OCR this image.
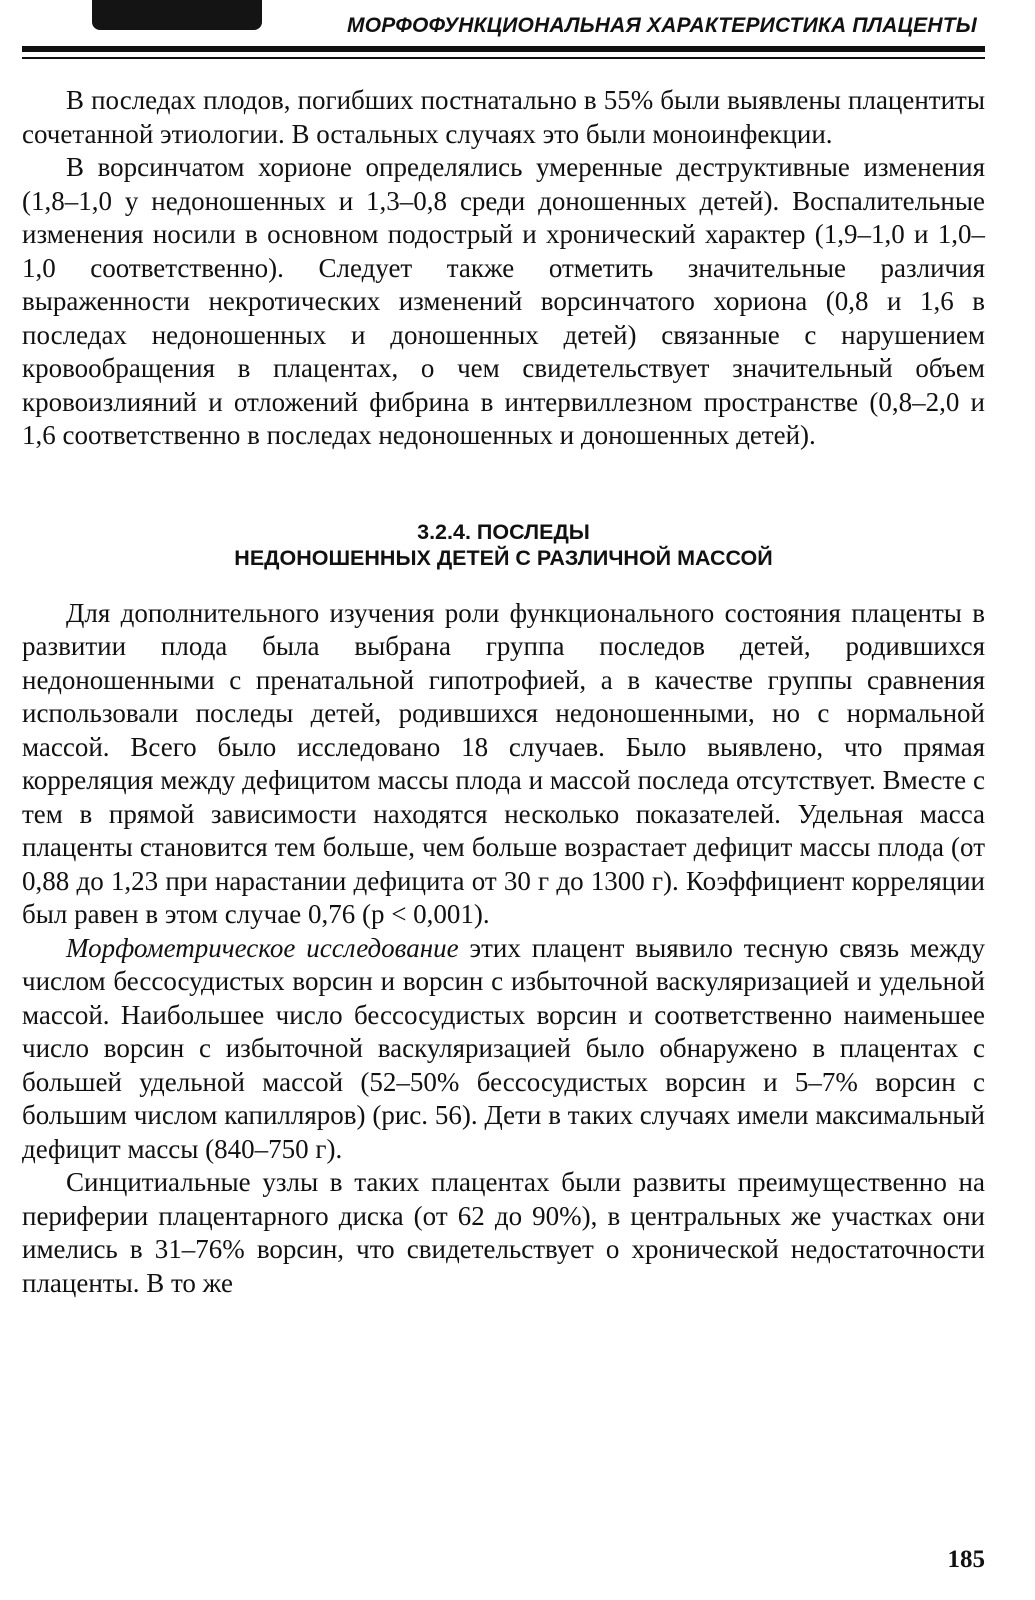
МОРФОФУНКЦИОНАЛЬНАЯ ХАРАКТЕРИСТИКА ПЛАЦЕНТЫ

В последах плодов, погибших постнатально в 55% были выявлены плацентиты сочетанной этиологии. В остальных случаях это были моноинфекции.

В ворсинчатом хорионе определялись умеренные деструктивные изменения (1,8–1,0 у недоношенных и 1,3–0,8 среди доношенных детей). Воспалительные изменения носили в основном подострый и хронический характер (1,9–1,0 и 1,0–1,0 соответственно). Следует также отметить значительные различия выраженности некротических изменений ворсинчатого хориона (0,8 и 1,6 в последах недоношенных и доношенных детей) связанные с нарушением кровообращения в плацентах, о чем свидетельствует значительный объем кровоизлияний и отложений фибрина в интервиллезном пространстве (0,8–2,0 и 1,6 соответственно в последах недоношенных и доношенных детей).

3.2.4. ПОСЛЕДЫ
НЕДОНОШЕННЫХ ДЕТЕЙ С РАЗЛИЧНОЙ МАССОЙ

Для дополнительного изучения роли функционального состояния плаценты в развитии плода была выбрана группа последов детей, родившихся недоношенными с пренатальной гипотрофией, а в качестве группы сравнения использовали последы детей, родившихся недоношенными, но с нормальной массой. Всего было исследовано 18 случаев. Было выявлено, что прямая корреляция между дефицитом массы плода и массой последа отсутствует. Вместе с тем в прямой зависимости находятся несколько показателей. Удельная масса плаценты становится тем больше, чем больше возрастает дефицит массы плода (от 0,88 до 1,23 при нарастании дефицита от 30 г до 1300 г). Коэффициент корреляции был равен в этом случае 0,76 (р < 0,001).

Морфометрическое исследование этих плацент выявило тесную связь между числом бессосудистых ворсин и ворсин с избыточной васкуляризацией и удельной массой. Наибольшее число бессосудистых ворсин и соответственно наименьшее число ворсин с избыточной васкуляризацией было обнаружено в плацентах с большей удельной массой (52–50% бессосудистых ворсин и 5–7% ворсин с большим числом капилляров) (рис. 56). Дети в таких случаях имели максимальный дефицит массы (840–750 г).

Синцитиальные узлы в таких плацентах были развиты преимущественно на периферии плацентарного диска (от 62 до 90%), в центральных же участках они имелись в 31–76% ворсин, что свидетельствует о хронической недостаточности плаценты. В то же

185
